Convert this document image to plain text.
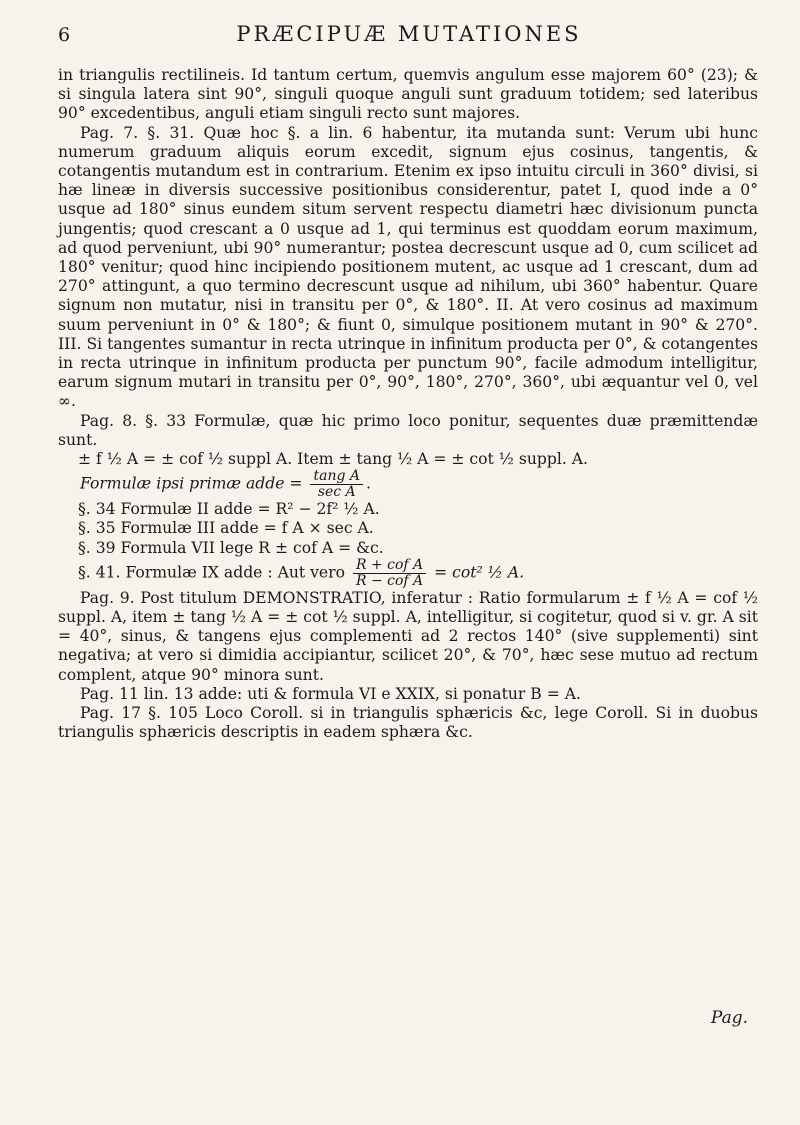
6	PRÆCIPUÆ MUTATIONES

in triangulis rectilineis. Id tantum certum, quemvis angulum esse majorem 60° (23); & si singula latera sint 90°, singuli quoque anguli sunt graduum totidem; sed lateribus 90° excedentibus, anguli etiam singuli recto sunt majores.

Pag. 7. §. 31. Quæ hoc §. a lin. 6 habentur, ita mutanda sunt: Verum ubi hunc numerum graduum aliquis eorum excedit, signum ejus cosinus, tangentis, & cotangentis mutandum est in contrarium. Etenim ex ipso intuitu circuli in 360° divisi, si hæ lineæ in diversis successive positionibus considerentur, patet I, quod inde a 0° usque ad 180° sinus eundem situm servent respectu diametri hæc divisionum puncta jungentis; quod crescant a 0 usque ad 1, qui terminus est quoddam eorum maximum, ad quod perveniunt, ubi 90° numerantur; postea decrescunt usque ad 0, cum scilicet ad 180° venitur; quod hinc incipiendo positionem mutent, ac usque ad 1 crescant, dum ad 270° attingunt, a quo termino decrescunt usque ad nihilum, ubi 360° habentur. Quare signum non mutatur, nisi in transitu per 0°, & 180°. II. At vero cosinus ad maximum suum perveniunt in 0° & 180°; & fiunt 0, simulque positionem mutant in 90° & 270°. III. Si tangentes sumantur in recta utrinque in infinitum producta per 0°, & cotangentes in recta utrinque in infinitum producta per punctum 90°, facile admodum intelligitur, earum signum mutari in transitu per 0°, 90°, 180°, 270°, 360°, ubi æquantur vel 0, vel ∞.

Pag. 8. §. 33 Formulæ, quæ hic primo loco ponitur, sequentes duæ præmittendæ sunt.

± f ½ A = ± cof ½ suppl A. Item ± tang ½ A = ± cot ½ suppl. A.

Formulæ ipsi primæ adde = $\frac{\text{tang A}}{\text{sec A}}$ .

§. 34 Formulæ II adde = R² − 2f² ½ A.

§. 35 Formulæ III adde = f A × sec A.

§. 39 Formula VII lege R ± cof A = &c.

§. 41. Formulæ IX adde : Aut vero $\frac{\text{R + cof A}}{\text{R − cof A}} = \cot^2$ ½ A.

Pag. 9. Post titulum DEMONSTRATIO, inferatur : Ratio formularum ± f ½ A = cof ½ suppl. A, item ± tang ½ A = ± cot ½ suppl. A, intelligitur, si cogitetur, quod si v. gr. A sit = 40°, sinus, & tangens ejus complementi ad 2 rectos 140° (sive supplementi) sint negativa; at vero si dimidia accipiantur, scilicet 20°, & 70°, hæc sese mutuo ad rectum complent, atque 90° minora sunt.

Pag. 11 lin. 13 adde: uti & formula VI e XXIX, si ponatur B = A.

Pag. 17 §. 105 Loco Coroll. si in triangulis sphæricis &c, lege Coroll. Si in duobus triangulis sphæricis descriptis in eadem sphæra &c.

Pag.
